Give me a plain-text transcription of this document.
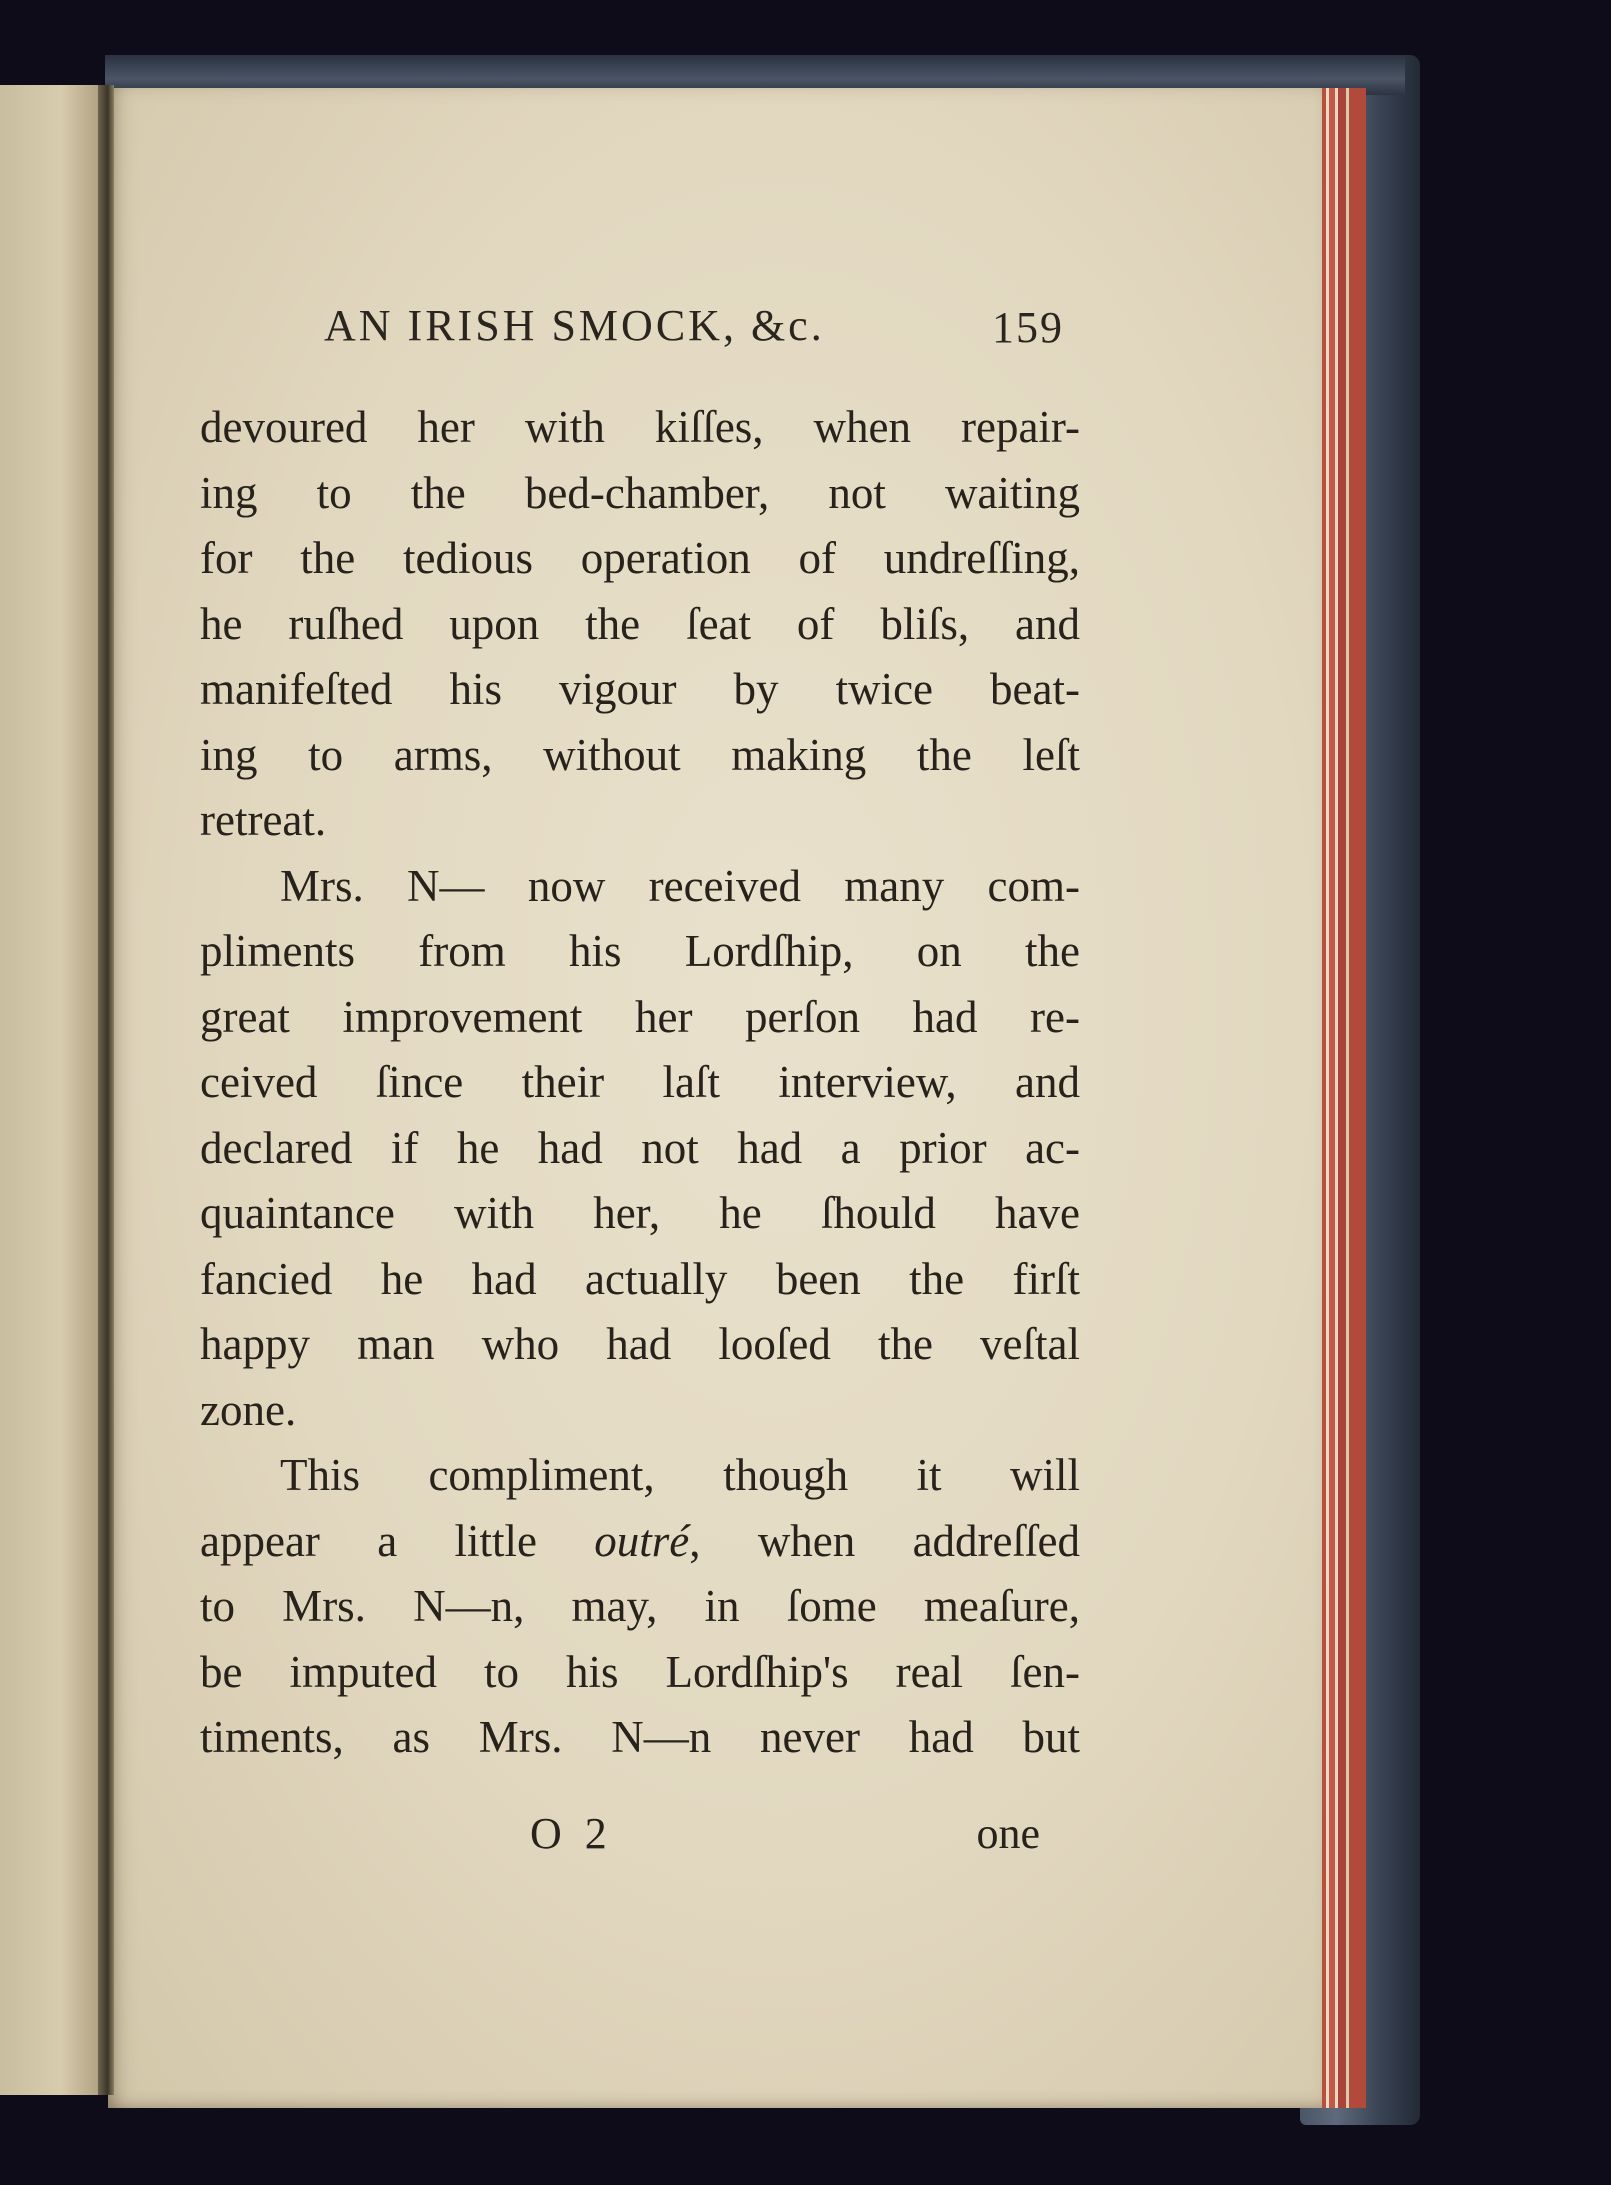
AN IRISH SMOCK, &c.	159
devoured her with kiſſes, when repair-
ing to the bed-chamber, not waiting
for the tedious operation of undreſſing,
he ruſhed upon the ſeat of bliſs, and
manifeſted his vigour by twice beat-
ing to arms, without making the leſt
retreat.
Mrs. N— now received many com-
pliments from his Lordſhip, on the
great improvement her perſon had re-
ceived ſince their laſt interview, and
declared if he had not had a prior ac-
quaintance with her, he ſhould have
fancied he had actually been the firſt
happy man who had looſed the veſtal
zone.
This compliment, though it will
appear a little outré, when addreſſed
to Mrs. N—n, may, in ſome meaſure,
be imputed to his Lordſhip's real ſen-
timents, as Mrs. N—n never had but
O 2	one
